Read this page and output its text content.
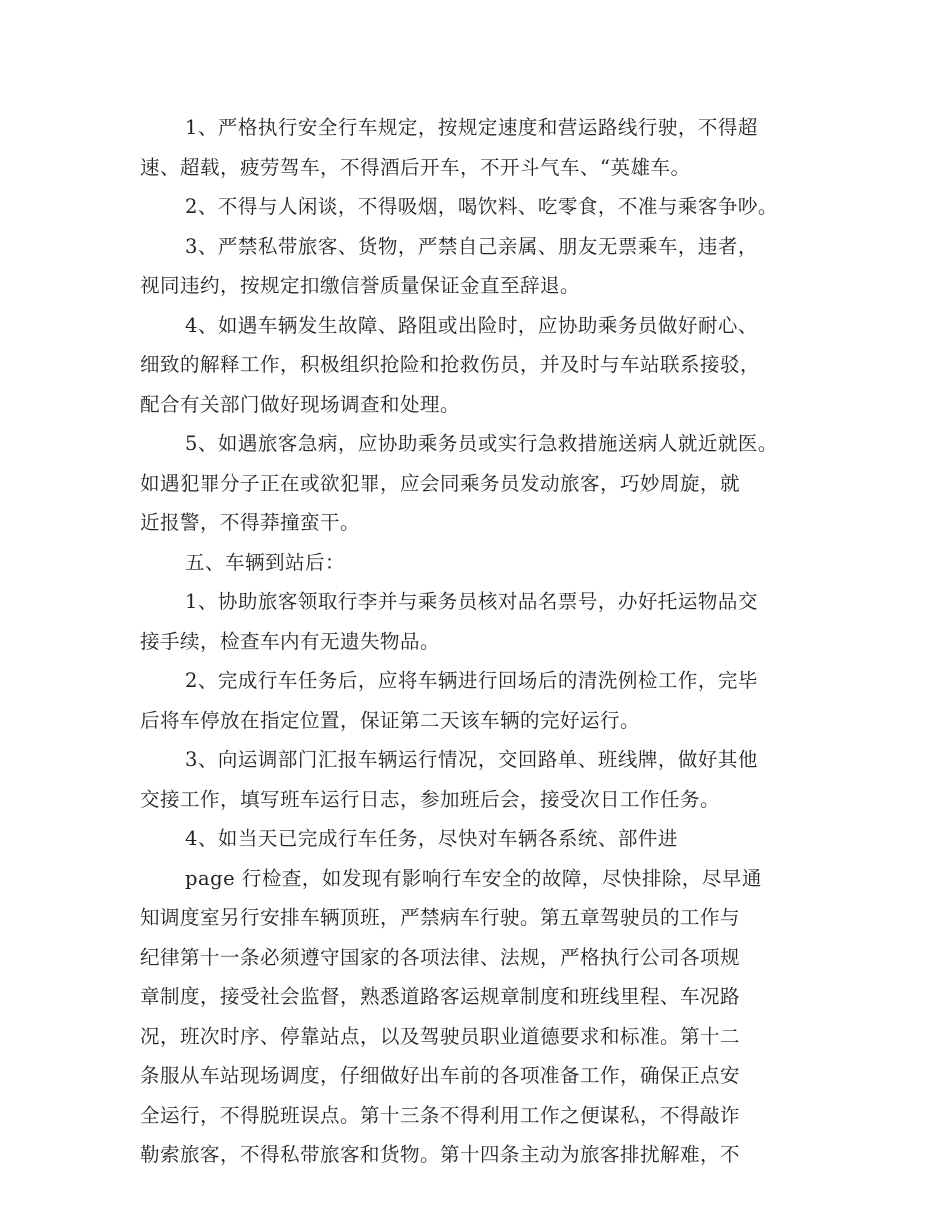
1、严格执行安全行车规定，按规定速度和营运路线行驶，不得超
速、超载，疲劳驾车，不得酒后开车，不开斗气车、“英雄车。
2、不得与人闲谈，不得吸烟，喝饮料、吃零食，不准与乘客争吵。
3、严禁私带旅客、货物，严禁自己亲属、朋友无票乘车，违者，
视同违约，按规定扣缴信誉质量保证金直至辞退。
4、如遇车辆发生故障、路阻或出险时，应协助乘务员做好耐心、
细致的解释工作，积极组织抢险和抢救伤员，并及时与车站联系接驳，
配合有关部门做好现场调查和处理。
5、如遇旅客急病，应协助乘务员或实行急救措施送病人就近就医。
如遇犯罪分子正在或欲犯罪，应会同乘务员发动旅客，巧妙周旋，就
近报警，不得莽撞蛮干。
五、车辆到站后：
1、协助旅客领取行李并与乘务员核对品名票号，办好托运物品交
接手续，检查车内有无遗失物品。
2、完成行车任务后，应将车辆进行回场后的清洗例检工作，完毕
后将车停放在指定位置，保证第二天该车辆的完好运行。
3、向运调部门汇报车辆运行情况，交回路单、班线牌，做好其他
交接工作，填写班车运行日志，参加班后会，接受次日工作任务。
4、如当天已完成行车任务，尽快对车辆各系统、部件进
page 行检查，如发现有影响行车安全的故障，尽快排除，尽早通
知调度室另行安排车辆顶班，严禁病车行驶。第五章驾驶员的工作与
纪律第十一条必须遵守国家的各项法律、法规，严格执行公司各项规
章制度，接受社会监督，熟悉道路客运规章制度和班线里程、车况路
况，班次时序、停靠站点，以及驾驶员职业道德要求和标准。第十二
条服从车站现场调度，仔细做好出车前的各项准备工作，确保正点安
全运行，不得脱班误点。第十三条不得利用工作之便谋私，不得敲诈
勒索旅客，不得私带旅客和货物。第十四条主动为旅客排扰解难，不
